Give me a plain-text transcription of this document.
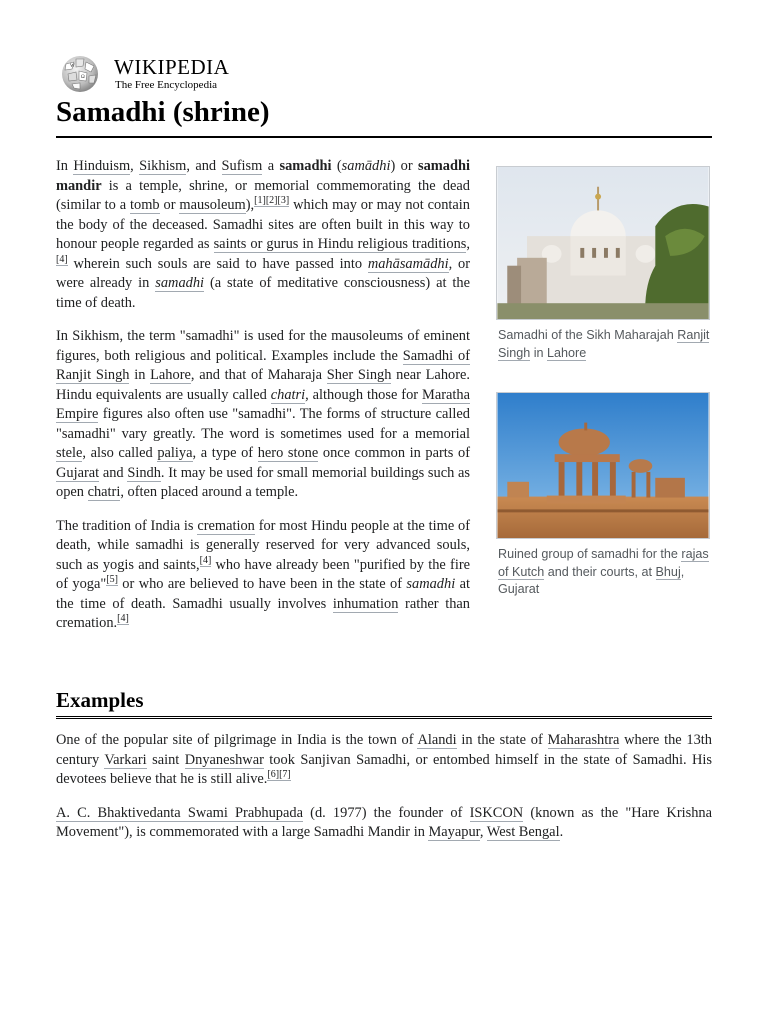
W
Ω WIKIPEDIA
The Free Encyclopedia
Samadhi (shrine)

In Hinduism, Sikhism, and Sufism a samadhi (samādhi) or samadhi mandir is a temple, shrine, or memorial commemorating the dead (similar to a tomb or mausoleum),[1][2][3] which may or may not contain the body of the deceased. Samadhi sites are often built in this way to honour people regarded as saints or gurus in Hindu religious traditions,[4] wherein such souls are said to have passed into mahāsamādhi, or were already in samadhi (a state of meditative consciousness) at the time of death.

In Sikhism, the term "samadhi" is used for the mausoleums of eminent figures, both religious and political. Examples include the Samadhi of Ranjit Singh in Lahore, and that of Maharaja Sher Singh near Lahore. Hindu equivalents are usually called chatri, although those for Maratha Empire figures also often use "samadhi". The forms of structure called "samadhi" vary greatly. The word is sometimes used for a memorial stele, also called paliya, a type of hero stone once common in parts of Gujarat and Sindh. It may be used for small memorial buildings such as open chatri, often placed around a temple.

The tradition of India is cremation for most Hindu people at the time of death, while samadhi is generally reserved for very advanced souls, such as yogis and saints,[4] who have already been "purified by the fire of yoga"[5] or who are believed to have been in the state of samadhi at the time of death. Samadhi usually involves inhumation rather than cremation.[4]

Samadhi of the Sikh Maharajah Ranjit Singh in Lahore
Ruined group of samadhi for the rajas of Kutch and their courts, at Bhuj, Gujarat
Examples

One of the popular site of pilgrimage in India is the town of Alandi in the state of Maharashtra where the 13th century Varkari saint Dnyaneshwar took Sanjivan Samadhi, or entombed himself in the state of Samadhi. His devotees believe that he is still alive.[6][7]

A. C. Bhaktivedanta Swami Prabhupada (d. 1977) the founder of ISKCON (known as the "Hare Krishna Movement"), is commemorated with a large Samadhi Mandir in Mayapur, West Bengal.
